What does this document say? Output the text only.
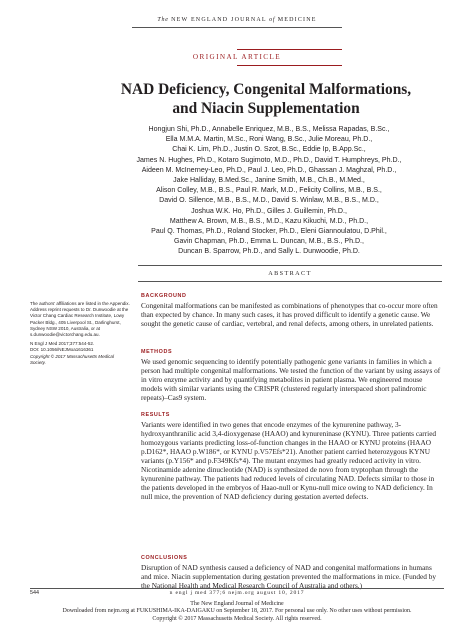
The NEW ENGLAND JOURNAL of MEDICINE
ORIGINAL ARTICLE
NAD Deficiency, Congenital Malformations,
and Niacin Supplementation
Hongjun Shi, Ph.D., Annabelle Enriquez, M.B., B.S., Melissa Rapadas, B.Sc.,
Ella M.M.A. Martin, M.Sc., Roni Wang, B.Sc., Julie Moreau, Ph.D.,
Chai K. Lim, Ph.D., Justin O. Szot, B.Sc., Eddie Ip, B.App.Sc.,
James N. Hughes, Ph.D., Kotaro Sugimoto, M.D., Ph.D., David T. Humphreys, Ph.D.,
Aideen M. McInerney-Leo, Ph.D., Paul J. Leo, Ph.D., Ghassan J. Maghzal, Ph.D.,
Jake Halliday, B.Med.Sc., Janine Smith, M.B., Ch.B., M.Med.,
Alison Colley, M.B., B.S., Paul R. Mark, M.D., Felicity Collins, M.B., B.S.,
David O. Sillence, M.B., B.S., M.D., David S. Winlaw, M.B., B.S., M.D.,
Joshua W.K. Ho, Ph.D., Gilles J. Guillemin, Ph.D.,
Matthew A. Brown, M.B., B.S., M.D., Kazu Kikuchi, M.D., Ph.D.,
Paul Q. Thomas, Ph.D., Roland Stocker, Ph.D., Eleni Giannoulatou, D.Phil.,
Gavin Chapman, Ph.D., Emma L. Duncan, M.B., B.S., Ph.D.,
Duncan B. Sparrow, Ph.D., and Sally L. Dunwoodie, Ph.D.
ABSTRACT

The authors’ affiliations are listed in the Appendix. Address reprint requests to Dr. Dunwoodie at the Victor Chang Cardiac Research Institute, Lowy Packer Bldg., 405 Liverpool St., Darlinghurst, Sydney NSW 2010, Australia, or at s.dunwoodie@victorchang.edu.au.

N Engl J Med 2017;377:544-52.
DOI: 10.1056/NEJMoa1616361
Copyright © 2017 Massachusetts Medical Society.
BACKGROUND

Congenital malformations can be manifested as combinations of phenotypes that co-occur more often than expected by chance. In many such cases, it has proved difficult to identify a genetic cause. We sought the genetic cause of cardiac, vertebral, and renal defects, among others, in unrelated patients.

METHODS

We used genomic sequencing to identify potentially pathogenic gene variants in families in which a person had multiple congenital malformations. We tested the function of the variant by using assays of in vitro enzyme activity and by quantifying metabolites in patient plasma. We engineered mouse models with similar variants using the CRISPR (clustered regularly interspaced short palindromic repeats)–Cas9 system.

RESULTS

Variants were identified in two genes that encode enzymes of the kynurenine pathway, 3-hydroxyanthranilic acid 3,4-dioxygenase (HAAO) and kynureninase (KYNU). Three patients carried homozygous variants predicting loss-of-function changes in the HAAO or KYNU proteins (HAAO p.D162*, HAAO p.W186*, or KYNU p.V57Efs*21). Another patient carried heterozygous KYNU variants (p.Y156* and p.F349Kfs*4). The mutant enzymes had greatly reduced activity in vitro. Nicotinamide adenine dinucleotide (NAD) is synthesized de novo from tryptophan through the kynurenine pathway. The patients had reduced levels of circulating NAD. Defects similar to those in the patients developed in the embryos of Haao-null or Kynu-null mice owing to NAD deficiency. In null mice, the prevention of NAD deficiency during gestation averted defects.

CONCLUSIONS

Disruption of NAD synthesis caused a deficiency of NAD and congenital malformations in humans and mice. Niacin supplementation during gestation prevented the malformations in mice. (Funded by the National Health and Medical Research Council of Australia and others.)

544	n engl j med 377;6 nejm.org august 10, 2017
The New England Journal of Medicine
Downloaded from nejm.org at FUKUSHIMA-IKA-DAIGAKU on September 18, 2017. For personal use only. No other uses without permission.
Copyright © 2017 Massachusetts Medical Society. All rights reserved.
